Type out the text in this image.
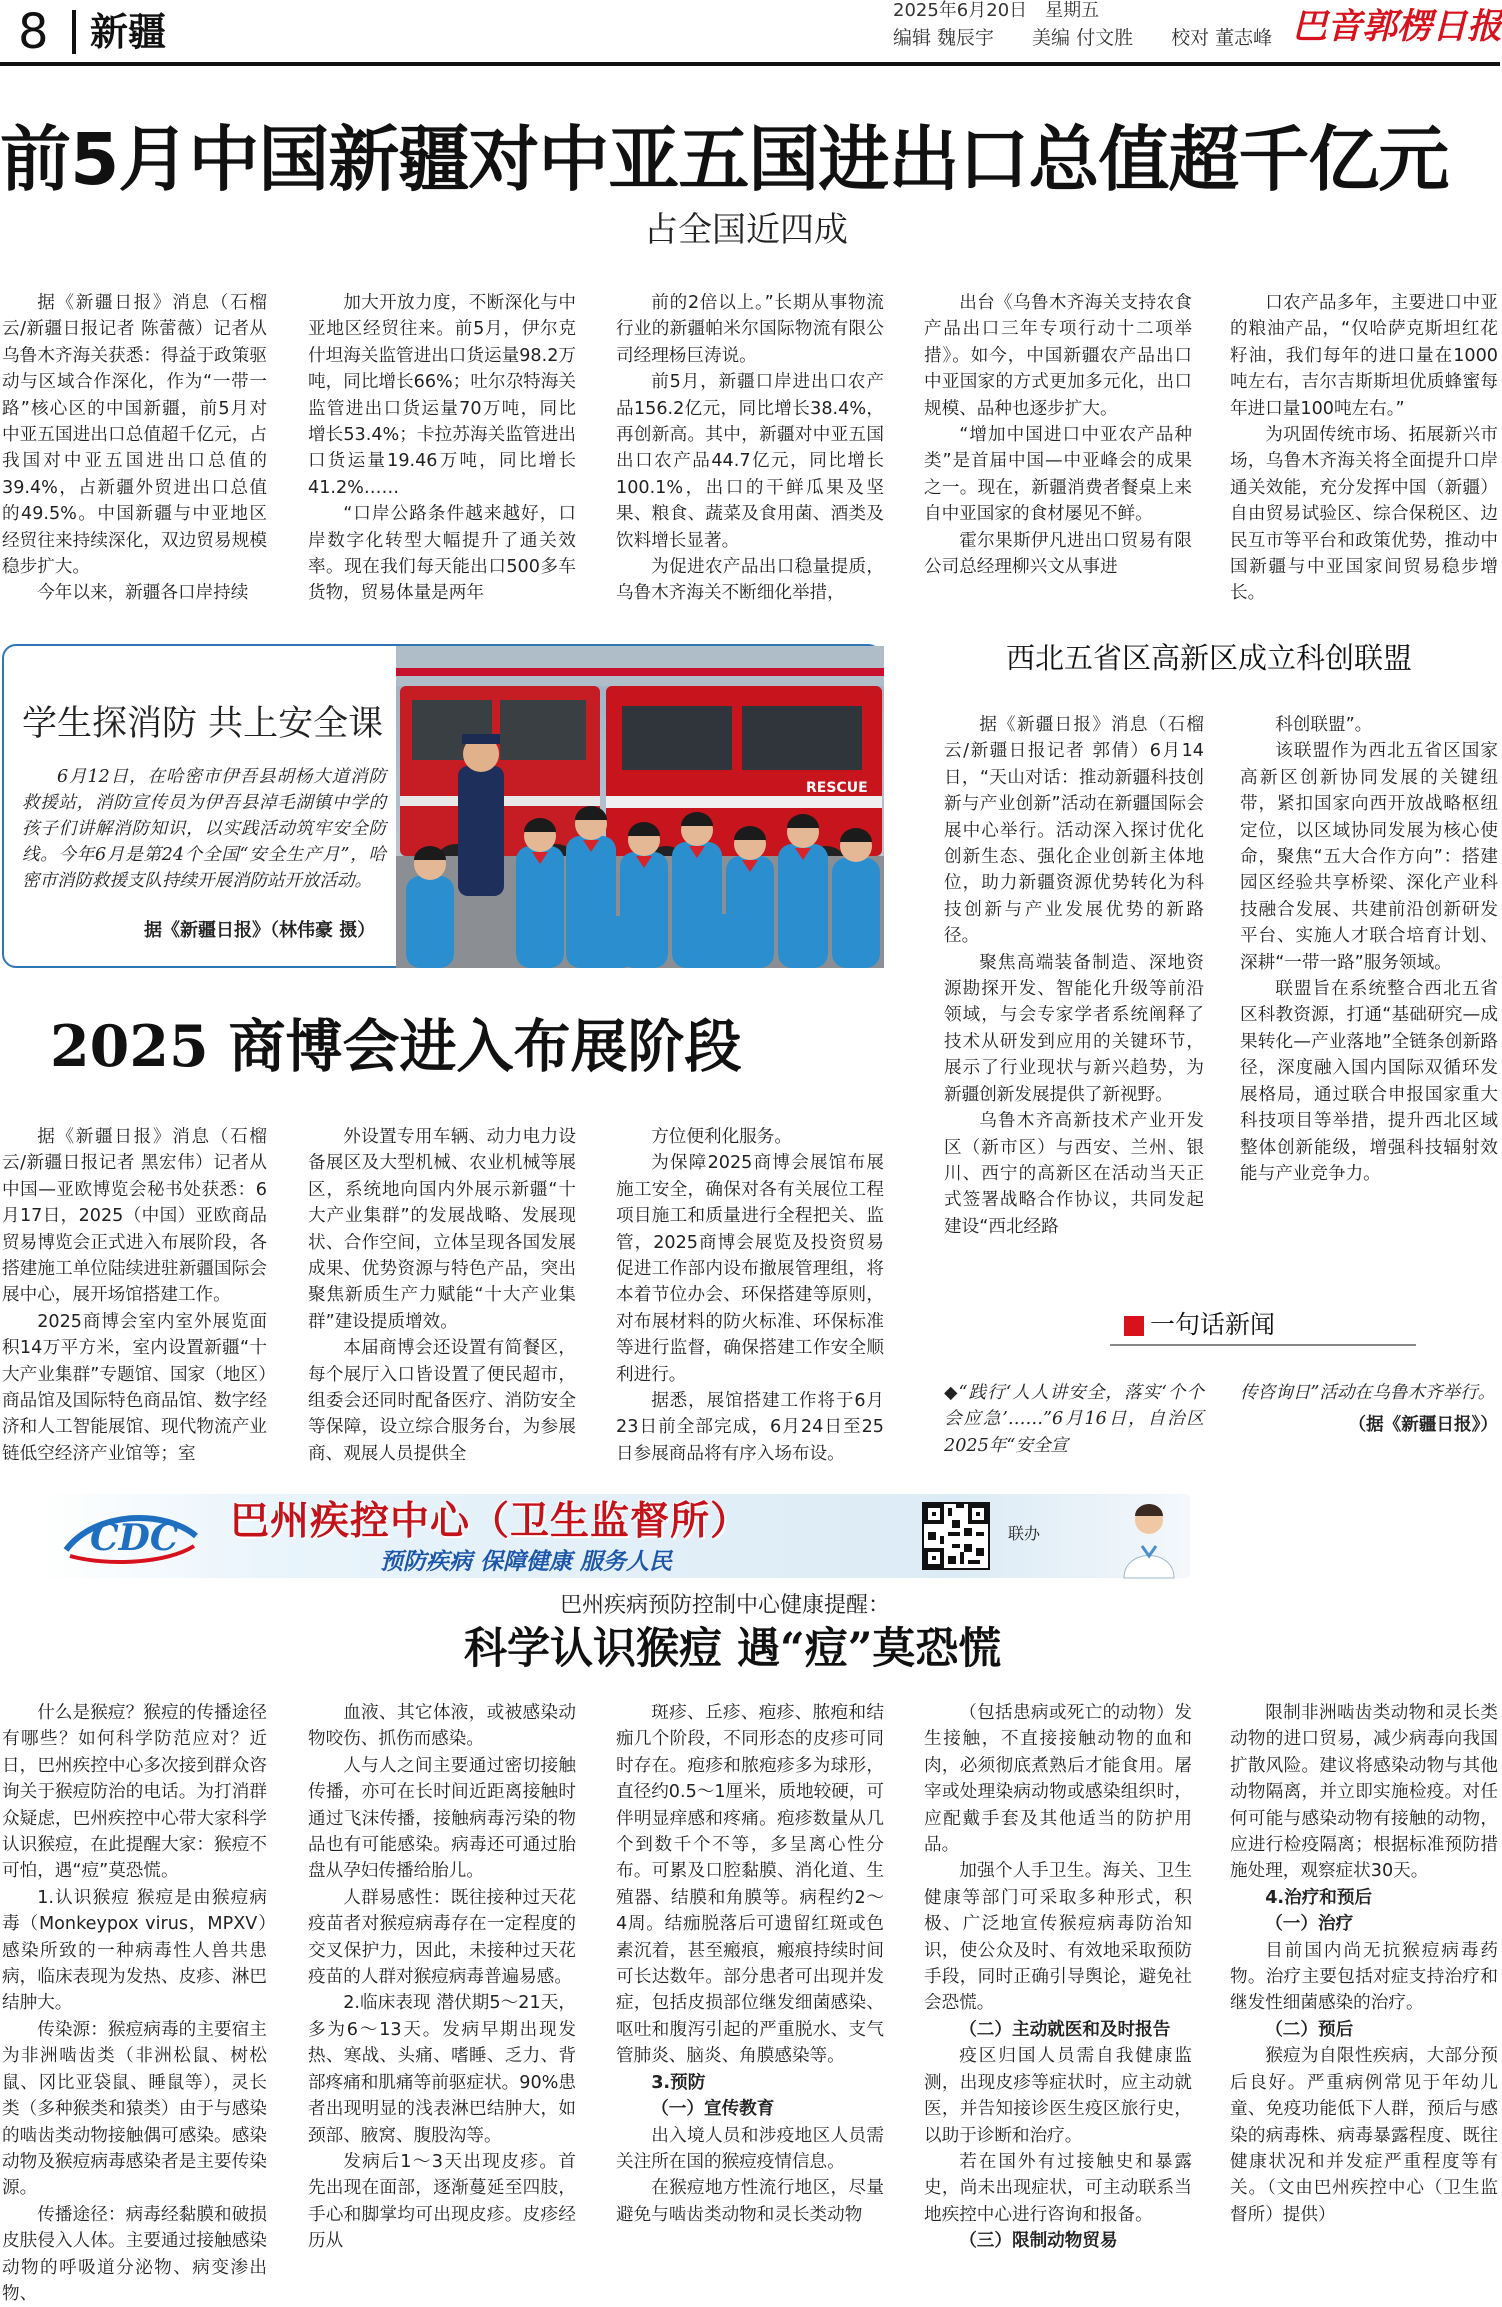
8 新疆	2025年6月20日　星期五
编辑 魏辰宇　　美编 付文胜　　校对 董志峰 巴音郭楞日报
前5月中国新疆对中亚五国进出口总值超千亿元
占全国近四成

据《新疆日报》消息（石榴云/新疆日报记者 陈蕾薇）记者从乌鲁木齐海关获悉：得益于政策驱动与区域合作深化，作为“一带一路”核心区的中国新疆，前5月对中亚五国进出口总值超千亿元，占我国对中亚五国进出口总值的39.4%，占新疆外贸进出口总值的49.5%。中国新疆与中亚地区经贸往来持续深化，双边贸易规模稳步扩大。

今年以来，新疆各口岸持续

加大开放力度，不断深化与中亚地区经贸往来。前5月，伊尔克什坦海关监管进出口货运量98.2万吨，同比增长66%；吐尔尕特海关监管进出口货运量70万吨，同比增长53.4%；卡拉苏海关监管进出口货运量19.46万吨，同比增长41.2%……

“口岸公路条件越来越好，口岸数字化转型大幅提升了通关效率。现在我们每天能出口500多车货物，贸易体量是两年

前的2倍以上。”长期从事物流行业的新疆帕米尔国际物流有限公司经理杨巨涛说。

前5月，新疆口岸进出口农产品156.2亿元，同比增长38.4%，再创新高。其中，新疆对中亚五国出口农产品44.7亿元，同比增长100.1%，出口的干鲜瓜果及坚果、粮食、蔬菜及食用菌、酒类及饮料增长显著。

为促进农产品出口稳量提质，乌鲁木齐海关不断细化举措，

出台《乌鲁木齐海关支持农食产品出口三年专项行动十二项举措》。如今，中国新疆农产品出口中亚国家的方式更加多元化，出口规模、品种也逐步扩大。

“增加中国进口中亚农产品种类”是首届中国—中亚峰会的成果之一。现在，新疆消费者餐桌上来自中亚国家的食材屡见不鲜。

霍尔果斯伊凡进出口贸易有限公司总经理柳兴文从事进

口农产品多年，主要进口中亚的粮油产品，“仅哈萨克斯坦红花籽油，我们每年的进口量在1000吨左右，吉尔吉斯斯坦优质蜂蜜每年进口量100吨左右。”

为巩固传统市场、拓展新兴市场，乌鲁木齐海关将全面提升口岸通关效能，充分发挥中国（新疆）自由贸易试验区、综合保税区、边民互市等平台和政策优势，推动中国新疆与中亚国家间贸易稳步增长。

学生探消防 共上安全课
6月12日，在哈密市伊吾县胡杨大道消防救援站，消防宣传员为伊吾县淖毛湖镇中学的孩子们讲解消防知识，以实践活动筑牢安全防线。今年6月是第24个全国“安全生产月”，哈密市消防救援支队持续开展消防站开放活动。
据《新疆日报》（林伟豪 摄）
RESCUE
2025 商博会进入布展阶段

据《新疆日报》消息（石榴云/新疆日报记者 黑宏伟）记者从中国—亚欧博览会秘书处获悉：6月17日，2025（中国）亚欧商品贸易博览会正式进入布展阶段，各搭建施工单位陆续进驻新疆国际会展中心，展开场馆搭建工作。

2025商博会室内室外展览面积14万平方米，室内设置新疆“十大产业集群”专题馆、国家（地区）商品馆及国际特色商品馆、数字经济和人工智能展馆、现代物流产业链低空经济产业馆等；室

外设置专用车辆、动力电力设备展区及大型机械、农业机械等展区，系统地向国内外展示新疆“十大产业集群”的发展战略、发展现状、合作空间，立体呈现各国发展成果、优势资源与特色产品，突出聚焦新质生产力赋能“十大产业集群”建设提质增效。

本届商博会还设置有简餐区，每个展厅入口皆设置了便民超市，组委会还同时配备医疗、消防安全等保障，设立综合服务台，为参展商、观展人员提供全

方位便利化服务。

为保障2025商博会展馆布展施工安全，确保对各有关展位工程项目施工和质量进行全程把关、监管，2025商博会展览及投资贸易促进工作部内设布撤展管理组，将本着节位办会、环保搭建等原则，对布展材料的防火标准、环保标准等进行监督，确保搭建工作安全顺利进行。

据悉，展馆搭建工作将于6月23日前全部完成，6月24日至25日参展商品将有序入场布设。

西北五省区高新区成立科创联盟

据《新疆日报》消息（石榴云/新疆日报记者 郭倩）6月14日，“天山对话：推动新疆科技创新与产业创新”活动在新疆国际会展中心举行。活动深入探讨优化创新生态、强化企业创新主体地位，助力新疆资源优势转化为科技创新与产业发展优势的新路径。

聚焦高端装备制造、深地资源勘探开发、智能化升级等前沿领域，与会专家学者系统阐释了技术从研发到应用的关键环节，展示了行业现状与新兴趋势，为新疆创新发展提供了新视野。

乌鲁木齐高新技术产业开发区（新市区）与西安、兰州、银川、西宁的高新区在活动当天正式签署战略合作协议，共同发起建设“西北经路

科创联盟”。

该联盟作为西北五省区国家高新区创新协同发展的关键纽带，紧扣国家向西开放战略枢纽定位，以区域协同发展为核心使命，聚焦“五大合作方向”：搭建园区经验共享桥梁、深化产业科技融合发展、共建前沿创新研发平台、实施人才联合培育计划、深耕“一带一路”服务领域。

联盟旨在系统整合西北五省区科教资源，打通“基础研究—成果转化—产业落地”全链条创新路径，深度融入国内国际双循环发展格局，通过联合申报国家重大科技项目等举措，提升西北区域整体创新能级，增强科技辐射效能与产业竞争力。

一句话新闻

◆“践行‘人人讲安全，落实‘个个会应急’……”6月16日，自治区2025年“安全宣

传咨询日”活动在乌鲁木齐举行。

（据《新疆日报》）

CDC 巴州疾控中心（卫生监督所）
预防疾病 保障健康 服务人民
联办
巴州疾病预防控制中心健康提醒：
科学认识猴痘 遇“痘”莫恐慌

什么是猴痘？猴痘的传播途径有哪些？如何科学防范应对？近日，巴州疾控中心多次接到群众咨询关于猴痘防治的电话。为打消群众疑虑，巴州疾控中心带大家科学认识猴痘，在此提醒大家：猴痘不可怕，遇“痘”莫恐慌。

1.认识猴痘 猴痘是由猴痘病毒（Monkeypox virus，MPXV）感染所致的一种病毒性人兽共患病，临床表现为发热、皮疹、淋巴结肿大。

传染源：猴痘病毒的主要宿主为非洲啮齿类（非洲松鼠、树松鼠、冈比亚袋鼠、睡鼠等），灵长类（多种猴类和猿类）由于与感染的啮齿类动物接触偶可感染。感染动物及猴痘病毒感染者是主要传染源。

传播途径：病毒经黏膜和破损皮肤侵入人体。主要通过接触感染动物的呼吸道分泌物、病变渗出物、

血液、其它体液，或被感染动物咬伤、抓伤而感染。

人与人之间主要通过密切接触传播，亦可在长时间近距离接触时通过飞沫传播，接触病毒污染的物品也有可能感染。病毒还可通过胎盘从孕妇传播给胎儿。

人群易感性：既往接种过天花疫苗者对猴痘病毒存在一定程度的交叉保护力，因此，未接种过天花疫苗的人群对猴痘病毒普遍易感。

2.临床表现 潜伏期5～21天，多为6～13天。发病早期出现发热、寒战、头痛、嗜睡、乏力、背部疼痛和肌痛等前驱症状。90%患者出现明显的浅表淋巴结肿大，如颈部、腋窝、腹股沟等。

发病后1～3天出现皮疹。首先出现在面部，逐渐蔓延至四肢，手心和脚掌均可出现皮疹。皮疹经历从

斑疹、丘疹、疱疹、脓疱和结痂几个阶段，不同形态的皮疹可同时存在。疱疹和脓疱疹多为球形，直径约0.5～1厘米，质地较硬，可伴明显痒感和疼痛。疱疹数量从几个到数千个不等，多呈离心性分布。可累及口腔黏膜、消化道、生殖器、结膜和角膜等。病程约2～4周。结痂脱落后可遗留红斑或色素沉着，甚至瘢痕，瘢痕持续时间可长达数年。部分患者可出现并发症，包括皮损部位继发细菌感染、呕吐和腹泻引起的严重脱水、支气管肺炎、脑炎、角膜感染等。

3.预防

（一）宣传教育

出入境人员和涉疫地区人员需关注所在国的猴痘疫情信息。

在猴痘地方性流行地区，尽量避免与啮齿类动物和灵长类动物

（包括患病或死亡的动物）发生接触，不直接接触动物的血和肉，必须彻底煮熟后才能食用。屠宰或处理染病动物或感染组织时，应配戴手套及其他适当的防护用品。

加强个人手卫生。海关、卫生健康等部门可采取多种形式，积极、广泛地宣传猴痘病毒防治知识，使公众及时、有效地采取预防手段，同时正确引导舆论，避免社会恐慌。

（二）主动就医和及时报告

疫区归国人员需自我健康监测，出现皮疹等症状时，应主动就医，并告知接诊医生疫区旅行史，以助于诊断和治疗。

若在国外有过接触史和暴露史，尚未出现症状，可主动联系当地疾控中心进行咨询和报备。

（三）限制动物贸易

限制非洲啮齿类动物和灵长类动物的进口贸易，减少病毒向我国扩散风险。建议将感染动物与其他动物隔离，并立即实施检疫。对任何可能与感染动物有接触的动物，应进行检疫隔离；根据标准预防措施处理，观察症状30天。

4.治疗和预后

（一）治疗

目前国内尚无抗猴痘病毒药物。治疗主要包括对症支持治疗和继发性细菌感染的治疗。

（二）预后

猴痘为自限性疾病，大部分预后良好。严重病例常见于年幼儿童、免疫功能低下人群，预后与感染的病毒株、病毒暴露程度、既往健康状况和并发症严重程度等有关。（文由巴州疾控中心（卫生监督所）提供）
